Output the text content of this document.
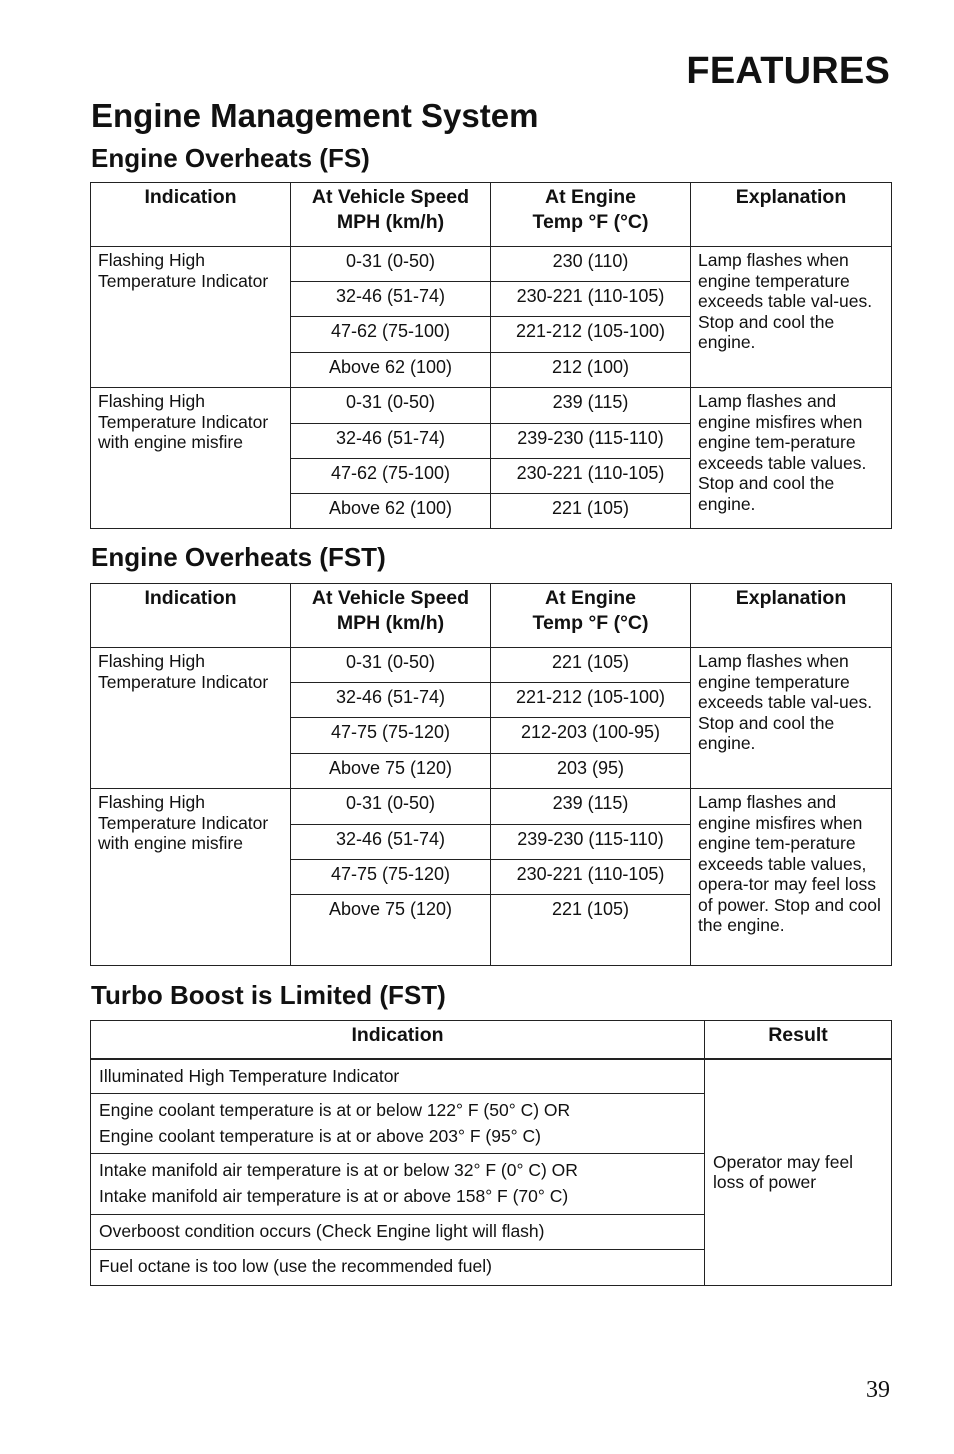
FEATURES
Engine Management System
Engine Overheats (FS)
Indication	At Vehicle Speed MPH (km/h)	At Engine Temp °F (°C)	Explanation
Flashing High Temperature Indicator	0-31 (0-50)	230 (110)	Lamp flashes when engine temperature exceeds table val-ues. Stop and cool the engine.
	32-46 (51-74)	230-221 (110-105)	
	47-62 (75-100)	221-212 (105-100)	
	Above 62 (100)	212 (100)	
Flashing High Temperature Indicator with engine misfire	0-31 (0-50)	239 (115)	Lamp flashes and engine misfires when engine tem-perature exceeds table values. Stop and cool the engine.
	32-46 (51-74)	239-230 (115-110)	
	47-62 (75-100)	230-221 (110-105)	
	Above 62 (100)	221 (105)	
Engine Overheats (FST)
Indication	At Vehicle Speed MPH (km/h)	At Engine Temp °F (°C)	Explanation
Flashing High Temperature Indicator	0-31 (0-50)	221 (105)	Lamp flashes when engine temperature exceeds table val-ues. Stop and cool the engine.
	32-46 (51-74)	221-212 (105-100)	
	47-75 (75-120)	212-203 (100-95)	
	Above 75 (120)	203 (95)	
Flashing High Temperature Indicator with engine misfire	0-31 (0-50)	239 (115)	Lamp flashes and engine misfires when engine tem-perature exceeds table values, opera-tor may feel loss of power. Stop and cool the engine.
	32-46 (51-74)	239-230 (115-110)	
	47-75 (75-120)	230-221 (110-105)	
	Above 75 (120)	221 (105)	
Turbo Boost is Limited (FST)
Indication	Result

Illuminated High Temperature Indicator	Operator may feel loss of power

Engine coolant temperature is at or below 122° F (50° C) OR
Engine coolant temperature is at or above 203° F (95° C)	

Intake manifold air temperature is at or below 32° F (0° C) OR
Intake manifold air temperature is at or above 158° F (70° C)	

Overboost condition occurs (Check Engine light will flash)	

Fuel octane is too low (use the recommended fuel)	
39
